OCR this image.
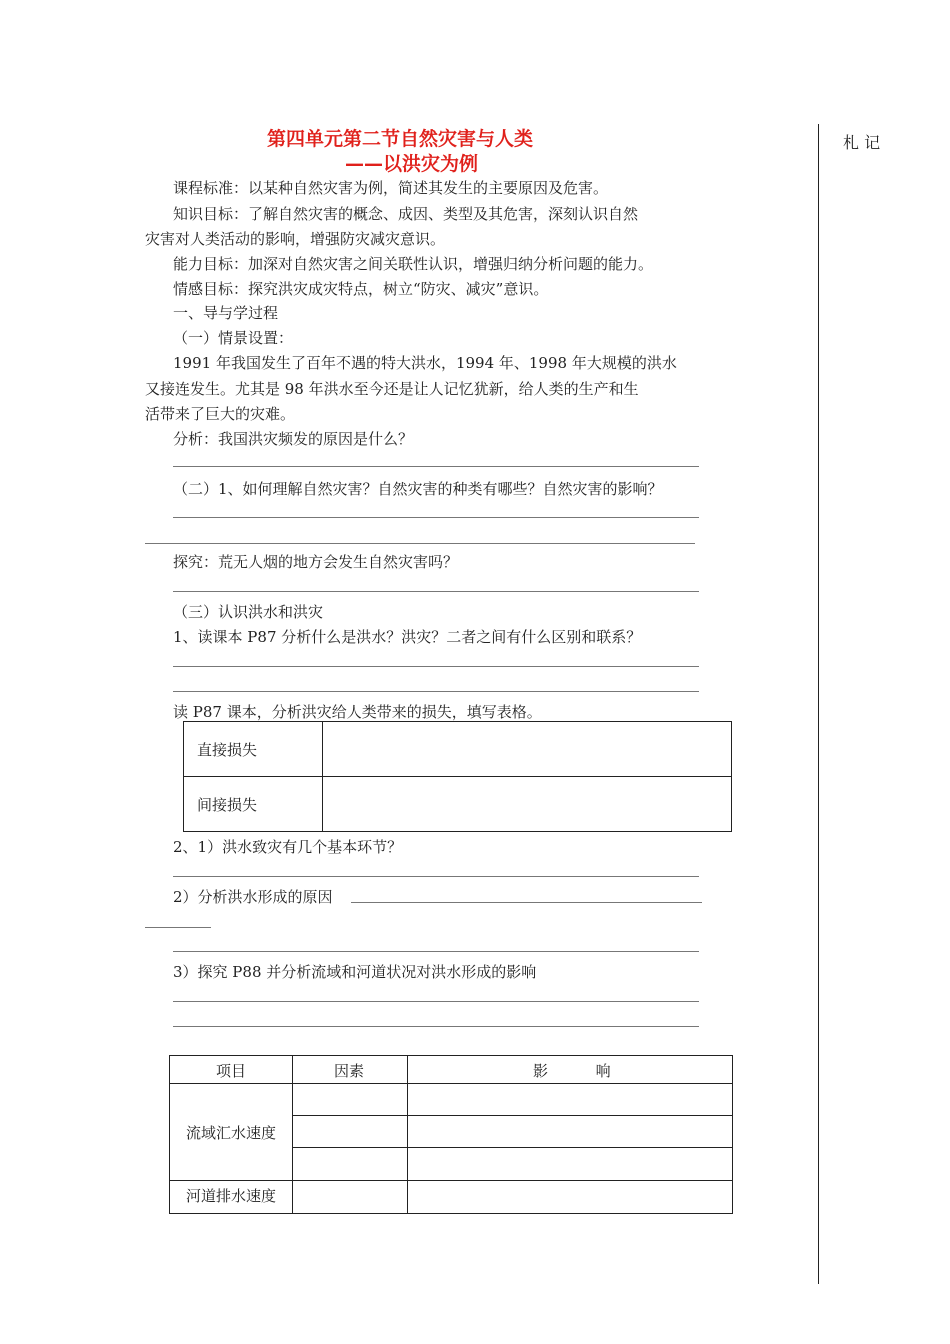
札 记
第四单元第二节自然灾害与人类
——以洪灾为例
课程标准：以某种自然灾害为例，简述其发生的主要原因及危害。
知识目标：了解自然灾害的概念、成因、类型及其危害，深刻认识自然
灾害对人类活动的影响，增强防灾减灾意识。
能力目标：加深对自然灾害之间关联性认识，增强归纳分析问题的能力。
情感目标：探究洪灾成灾特点，树立“防灾、减灾”意识。
一、导与学过程
（一）情景设置：
1991 年我国发生了百年不遇的特大洪水，1994 年、1998 年大规模的洪水
又接连发生。尤其是 98 年洪水至今还是让人记忆犹新，给人类的生产和生
活带来了巨大的灾难。
分析：我国洪灾频发的原因是什么？
（二）1、如何理解自然灾害？自然灾害的种类有哪些？自然灾害的影响？
探究：荒无人烟的地方会发生自然灾害吗？
（三）认识洪水和洪灾
1、读课本 P87 分析什么是洪水？洪灾？二者之间有什么区别和联系？
读 P87 课本，分析洪灾给人类带来的损失，填写表格。
直接损失
间接损失
2、1）洪水致灾有几个基本环节？
2）分析洪水形成的原因
3）探究 P88 并分析流域和河道状况对洪水形成的影响
项目	因素	影          响
流域汇水速度
河道排水速度
